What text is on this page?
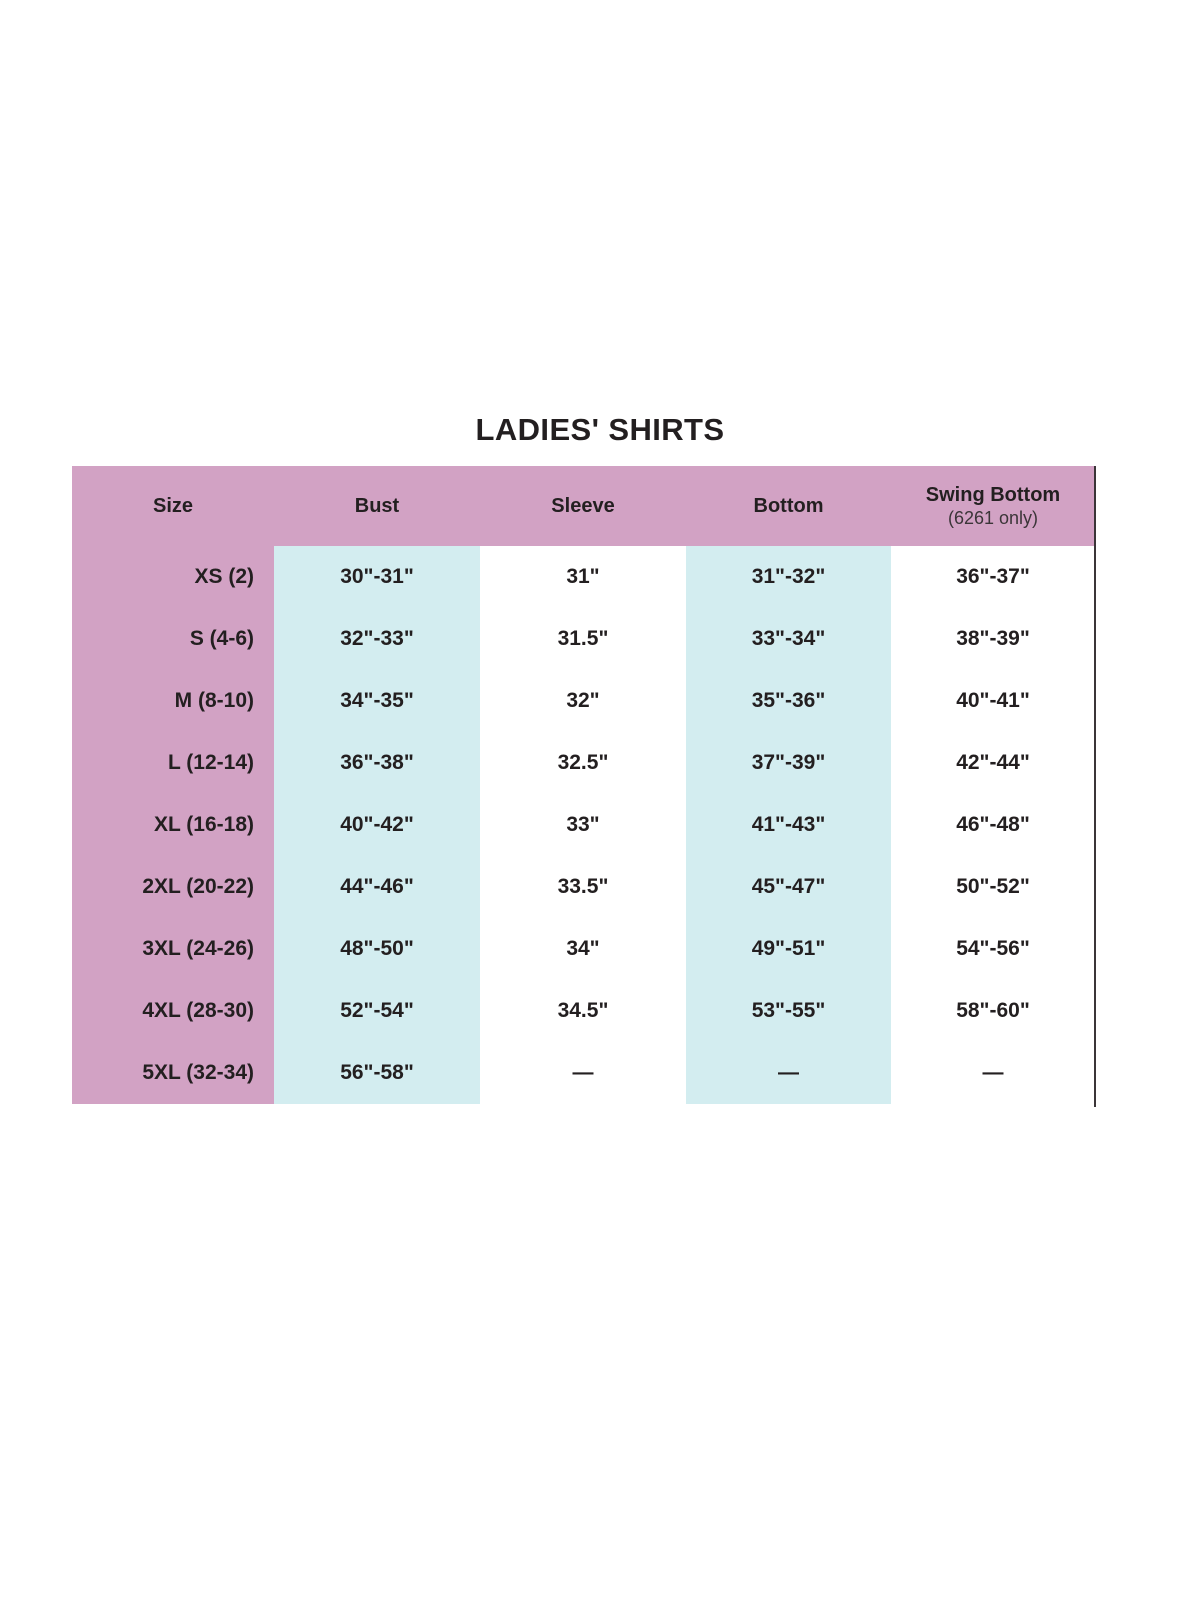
LADIES' SHIRTS
Size	Bust	Sleeve	Bottom	Swing Bottom
(6261 only)

XS (2)	30"-31"	31"	31"-32"	36"-37"
S (4-6)	32"-33"	31.5"	33"-34"	38"-39"
M (8-10)	34"-35"	32"	35"-36"	40"-41"
L (12-14)	36"-38"	32.5"	37"-39"	42"-44"
XL (16-18)	40"-42"	33"	41"-43"	46"-48"
2XL (20-22)	44"-46"	33.5"	45"-47"	50"-52"
3XL (24-26)	48"-50"	34"	49"-51"	54"-56"
4XL (28-30)	52"-54"	34.5"	53"-55"	58"-60"
5XL (32-34)	56"-58"	—	—	—
